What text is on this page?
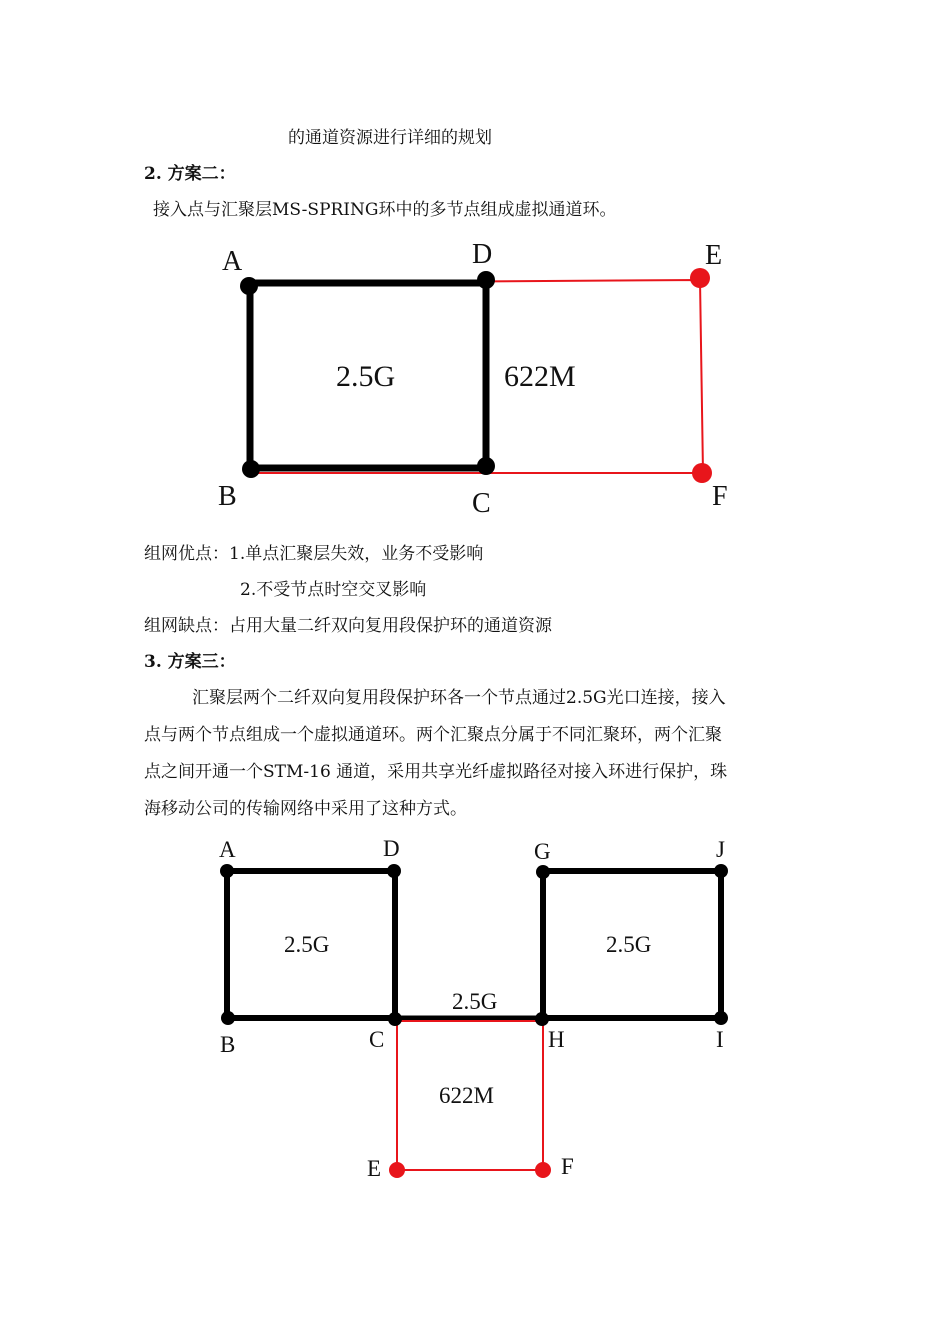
的通道资源进行详细的规划
2. 方案二：
接入点与汇聚层MS-SPRING环中的多节点组成虚拟通道环。
A	D	E
B	C	F
2.5G	622M
组网优点：1.单点汇聚层失效，业务不受影响
2.不受节点时空交叉影响
组网缺点：占用大量二纤双向复用段保护环的通道资源
3. 方案三：
汇聚层两个二纤双向复用段保护环各一个节点通过2.5G光口连接，接入
点与两个节点组成一个虚拟通道环。两个汇聚点分属于不同汇聚环，两个汇聚
点之间开通一个STM-16 通道，采用共享光纤虚拟路径对接入环进行保护，珠
海移动公司的传输网络中采用了这种方式。
A	D	G	J
B	C	H	I
E	F
2.5G	2.5G
2.5G
622M
